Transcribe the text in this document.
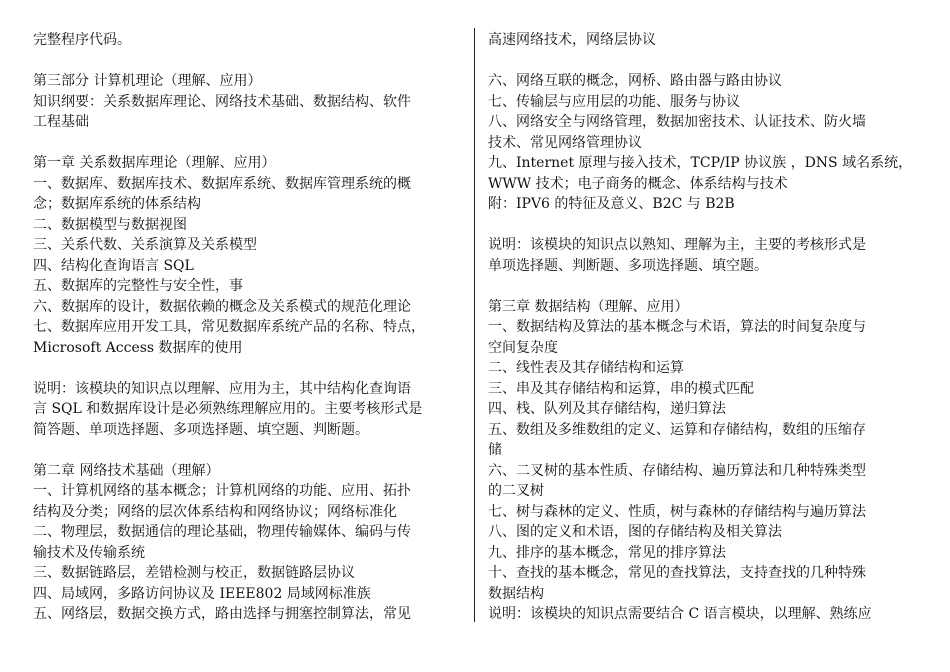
完整程序代码。
第三部分 计算机理论（理解、应用）
知识纲要：关系数据库理论、网络技术基础、数据结构、软件
工程基础
第一章 关系数据库理论（理解、应用）
一、数据库、数据库技术、数据库系统、数据库管理系统的概
念；数据库系统的体系结构
二、数据模型与数据视图
三、关系代数、关系演算及关系模型
四、结构化查询语言 SQL
五、数据库的完整性与安全性，事
六、数据库的设计，数据依赖的概念及关系模式的规范化理论
七、数据库应用开发工具，常见数据库系统产品的名称、特点，
Microsoft Access 数据库的使用
说明：该模块的知识点以理解、应用为主，其中结构化查询语
言 SQL 和数据库设计是必须熟练理解应用的。主要考核形式是
简答题、单项选择题、多项选择题、填空题、判断题。
第二章 网络技术基础（理解）
一、计算机网络的基本概念；计算机网络的功能、应用、拓扑
结构及分类；网络的层次体系结构和网络协议；网络标准化
二、物理层，数据通信的理论基础，物理传输媒体、编码与传
输技术及传输系统
三、数据链路层，差错检测与校正，数据链路层协议
四、局域网，多路访问协议及 IEEE802 局域网标准族
五、网络层，数据交换方式，路由选择与拥塞控制算法，常见
高速网络技术，网络层协议
六、网络互联的概念，网桥、路由器与路由协议
七、传输层与应用层的功能、服务与协议
八、网络安全与网络管理，数据加密技术、认证技术、防火墙
技术、常见网络管理协议
九、Internet 原理与接入技术，TCP/IP 协议族 ，DNS 域名系统，
WWW 技术；电子商务的概念、体系结构与技术
附：IPV6 的特征及意义、B2C 与 B2B
说明：该模块的知识点以熟知、理解为主，主要的考核形式是
单项选择题、判断题、多项选择题、填空题。
第三章 数据结构（理解、应用）
一、数据结构及算法的基本概念与术语，算法的时间复杂度与
空间复杂度
二、线性表及其存储结构和运算
三、串及其存储结构和运算，串的模式匹配
四、栈、队列及其存储结构，递归算法
五、数组及多维数组的定义、运算和存储结构，数组的压缩存
储
六、二叉树的基本性质、存储结构、遍历算法和几种特殊类型
的二叉树
七、树与森林的定义、性质，树与森林的存储结构与遍历算法
八、图的定义和术语，图的存储结构及相关算法
九、排序的基本概念，常见的排序算法
十、查找的基本概念，常见的查找算法，支持查找的几种特殊
数据结构
说明：该模块的知识点需要结合 C 语言模块，以理解、熟练应
